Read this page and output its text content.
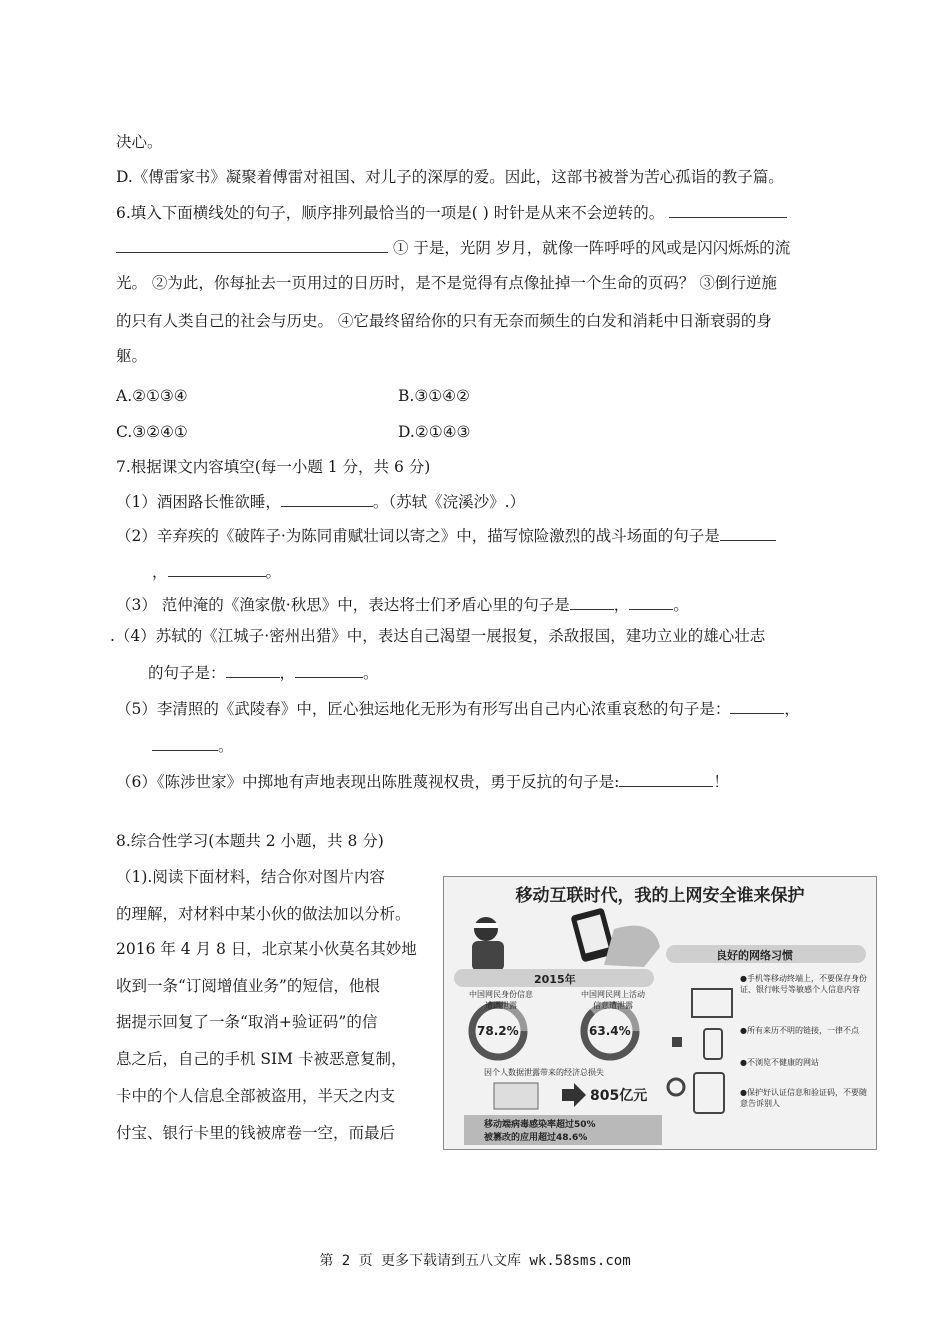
决心。
D.《傅雷家书》凝聚着傅雷对祖国、对儿子的深厚的爱。因此，这部书被誉为苦心孤诣的教子篇。
6.填入下面横线处的句子，顺序排列最恰当的一项是( ) 时针是从来不会逆转的。
① 于是，光阴 岁月，就像一阵呼呼的风或是闪闪烁烁的流
光。 ②为此，你每扯去一页用过的日历时，是不是觉得有点像扯掉一个生命的页码？ ③倒行逆施
的只有人类自己的社会与历史。 ④它最终留给你的只有无奈而频生的白发和消耗中日渐衰弱的身
躯。
A.②①③④	B.③①④②
C.③②④①	D.②①④③
7.根据课文内容填空(每一小题 1 分，共 6 分)
（1）酒困路长惟欲睡，	。（苏轼《浣溪沙》.）
（2）辛弃疾的《破阵子·为陈同甫赋壮词以寄之》中，描写惊险激烈的战斗场面的句子是
，	。
（3） 范仲淹的《渔家傲·秋思》中，表达将士们矛盾心里的句子是	，	。
.（4）苏轼的《江城子·密州出猎》中，表达自己渴望一展报复，杀敌报国，建功立业的雄心壮志
的句子是：	，	。
（5）李清照的《武陵春》中，匠心独运地化无形为有形写出自己内心浓重哀愁的句子是：	，
。
（6）《陈涉世家》中掷地有声地表现出陈胜蔑视权贵，勇于反抗的句子是:	！
8.综合性学习(本题共 2 小题，共 8 分)
（1).阅读下面材料，结合你对图片内容
的理解，对材料中某小伙的做法加以分析。
2016 年 4 月 8 日，北京某小伙莫名其妙地
收到一条“订阅增值业务”的短信，他根
据提示回复了一条“取消+验证码”的信
息之后，自己的手机 SIM 卡被恶意复制，
卡中的个人信息全部被盗用，半天之内支
付宝、银行卡里的钱被席卷一空，而最后
移动互联时代，我的上网安全谁来保护
良好的网络习惯
2015年
中国网民身份信息遭遇泄露
中国网民网上活动信息遭泄露
78.2%	63.4%
因个人数据泄露带来的经济总损失
805亿元
移动端病毒感染率超过50%
被篡改的应用超过48.6%
●手机等移动终端上，不要保存身份证、银行帐号等敏感个人信息内容
●所有来历不明的链接，一律不点
●不浏览不健康的网站
●保护好认证信息和验证码，不要随意告诉别人
第 2 页 更多下载请到五八文库 wk.58sms.com
